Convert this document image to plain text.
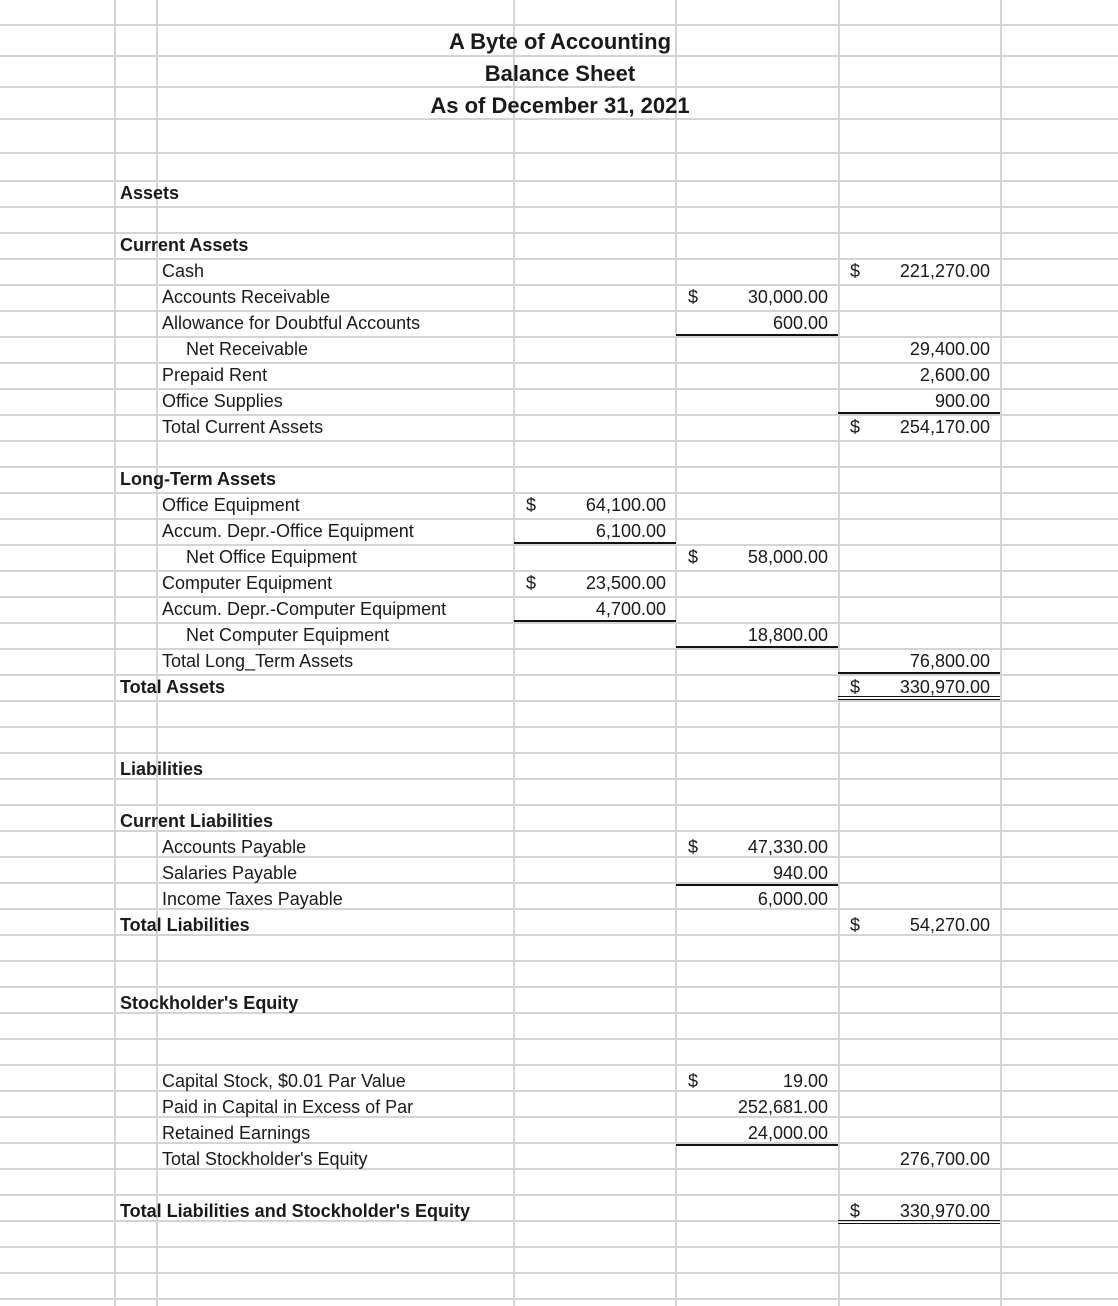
A Byte of Accounting
Balance Sheet
As of December 31, 2021
Assets
Current Assets
Cash	$ 221,270.00
Accounts Receivable	$	30,000.00
Allowance for Doubtful Accounts	600.00
Net Receivable	29,400.00
Prepaid Rent	2,600.00
Office Supplies	900.00
Total Current Assets	$ 254,170.00
Long-Term Assets
Office Equipment	$	64,100.00
Accum. Depr.-Office Equipment	6,100.00
Net Office Equipment	$	58,000.00
Computer Equipment	$	23,500.00
Accum. Depr.-Computer Equipment	4,700.00
Net Computer Equipment	18,800.00
Total Long_Term Assets	76,800.00
Total Assets	$ 330,970.00
Liabilities
Current Liabilities
Accounts Payable	$	47,330.00
Salaries Payable	940.00
Income Taxes Payable	6,000.00
Total Liabilities	$	54,270.00
Stockholder's Equity
Capital Stock, $0.01 Par Value	$	19.00
Paid in Capital in Excess of Par	252,681.00
Retained Earnings	24,000.00
Total Stockholder's Equity	276,700.00
Total Liabilities and Stockholder's Equity	$ 330,970.00
